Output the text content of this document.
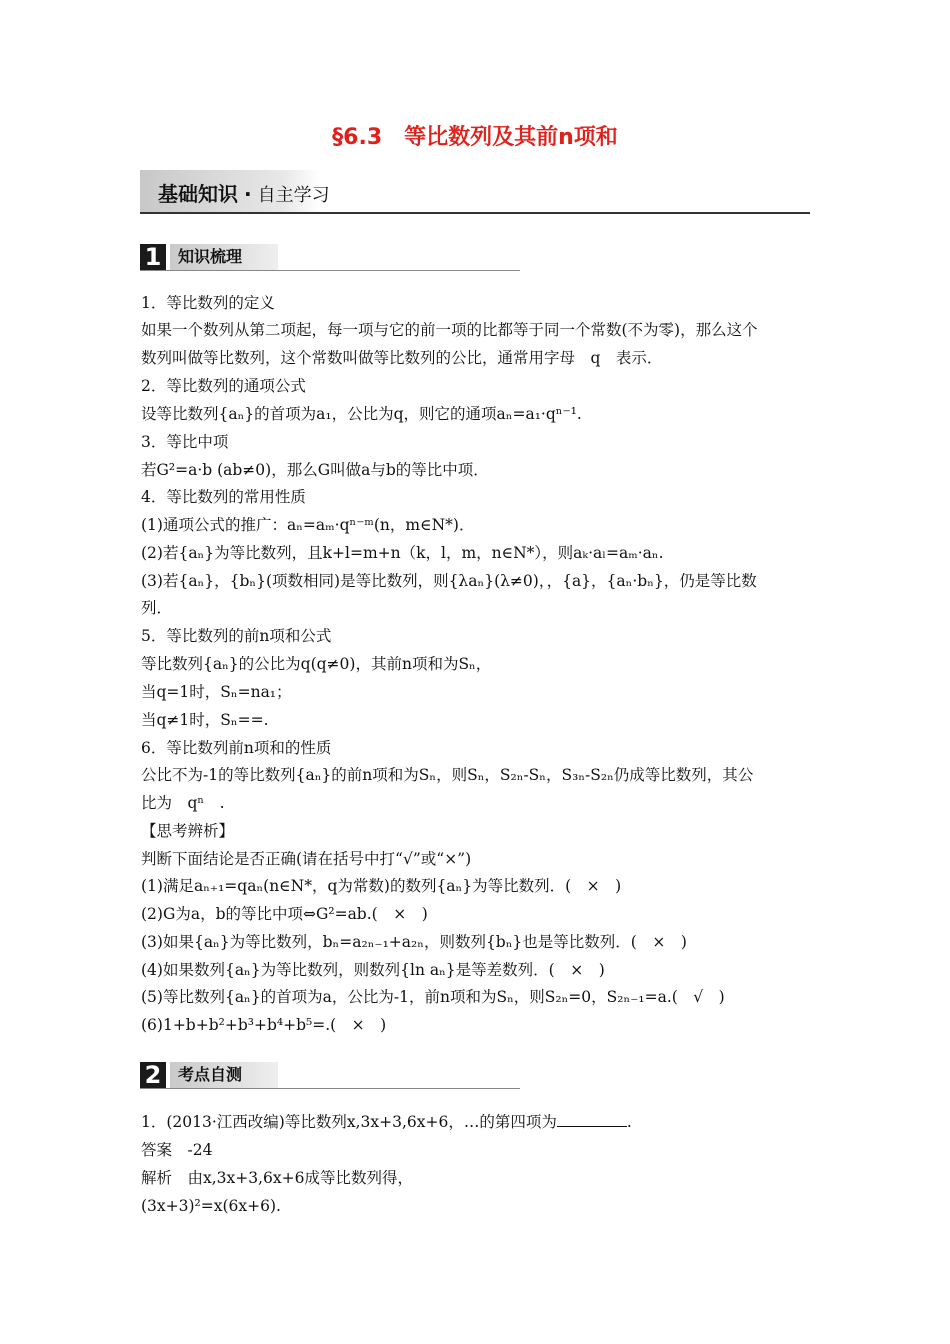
§6.3　等比数列及其前n项和
基础知识 · 自主学习
1	知识梳理
1．等比数列的定义
如果一个数列从第二项起，每一项与它的前一项的比都等于同一个常数(不为零)，那么这个
数列叫做等比数列，这个常数叫做等比数列的公比，通常用字母　q　表示．
2．等比数列的通项公式
设等比数列{aₙ}的首项为a₁，公比为q，则它的通项aₙ=a₁·qⁿ⁻¹.
3．等比中项
若G²=a·b (ab≠0)，那么G叫做a与b的等比中项．
4．等比数列的常用性质
(1)通项公式的推广：aₙ=aₘ·qⁿ⁻ᵐ(n，m∈N*)．
(2)若{aₙ}为等比数列，且k+l=m+n（k，l，m，n∈N*），则aₖ·aₗ=aₘ·aₙ.
(3)若{aₙ}，{bₙ}(项数相同)是等比数列，则{λaₙ}(λ≠0)，，{a}，{aₙ·bₙ}，仍是等比数
列．
5．等比数列的前n项和公式
等比数列{aₙ}的公比为q(q≠0)，其前n项和为Sₙ，
当q=1时，Sₙ=na₁；
当q≠1时，Sₙ==.
6．等比数列前n项和的性质
公比不为-1的等比数列{aₙ}的前n项和为Sₙ，则Sₙ，S₂ₙ-Sₙ，S₃ₙ-S₂ₙ仍成等比数列，其公
比为　qⁿ　.
【思考辨析】
判断下面结论是否正确(请在括号中打“√”或“×”)
(1)满足aₙ₊₁=qaₙ(n∈N*，q为常数)的数列{aₙ}为等比数列．(　×　)
(2)G为a，b的等比中项⇔G²=ab.(　×　)
(3)如果{aₙ}为等比数列，bₙ=a₂ₙ₋₁+a₂ₙ，则数列{bₙ}也是等比数列．(　×　)
(4)如果数列{aₙ}为等比数列，则数列{ln aₙ}是等差数列．(　×　)
(5)等比数列{aₙ}的首项为a，公比为-1，前n项和为Sₙ，则S₂ₙ=0，S₂ₙ₋₁=a.(　√　)
(6)1+b+b²+b³+b⁴+b⁵=.(　×　)
2	考点自测
1．(2013·江西改编)等比数列x,3x+3,6x+6，…的第四项为	.
答案　-24
解析　由x,3x+3,6x+6成等比数列得，
(3x+3)²=x(6x+6).
